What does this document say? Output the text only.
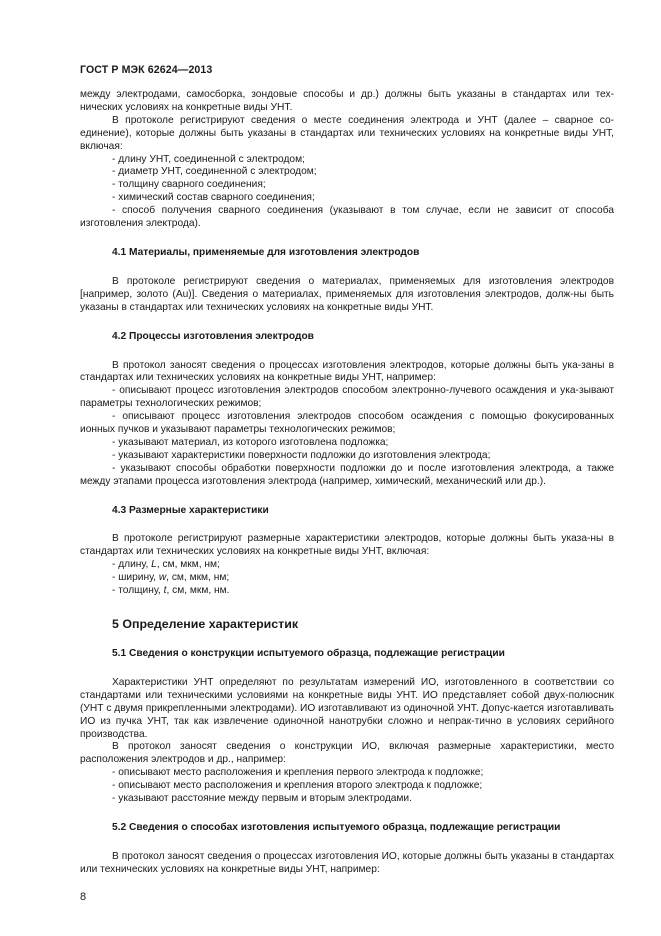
ГОСТ Р МЭК 62624—2013

между электродами, самосборка, зондовые способы и др.) должны быть указаны в стандартах или тех-нических условиях на конкретные виды УНТ.

В протоколе регистрируют сведения о месте соединения электрода и УНТ (далее – сварное со-единение), которые должны быть указаны в стандартах или технических условиях на конкретные виды УНТ, включая:

- длину УНТ, соединенной с электродом;

- диаметр УНТ, соединенной с электродом;

- толщину сварного соединения;

- химический состав сварного соединения;

- способ получения сварного соединения (указывают в том случае, если не зависит от способа изготовления электрода).

4.1 Материалы, применяемые для изготовления электродов

В протоколе регистрируют сведения о материалах, применяемых для изготовления электродов [например, золото (Au)]. Сведения о материалах, применяемых для изготовления электродов, долж-ны быть указаны в стандартах или технических условиях на конкретные виды УНТ.

4.2 Процессы изготовления электродов

В протокол заносят сведения о процессах изготовления электродов, которые должны быть ука-заны в стандартах или технических условиях на конкретные виды УНТ, например:

- описывают процесс изготовления электродов способом электронно-лучевого осаждения и ука-зывают параметры технологических режимов;

- описывают процесс изготовления электродов способом осаждения с помощью фокусированных ионных пучков и указывают параметры технологических режимов;

- указывают материал, из которого изготовлена подложка;

- указывают характеристики поверхности подложки до изготовления электрода;

- указывают способы обработки поверхности подложки до и после изготовления электрода, а также между этапами процесса изготовления электрода (например, химический, механический или др.).

4.3 Размерные характеристики

В протоколе регистрируют размерные характеристики электродов, которые должны быть указа-ны в стандартах или технических условиях на конкретные виды УНТ, включая:

- длину, L, см, мкм, нм;

- ширину, w, см, мкм, нм;

- толщину, t, см, мкм, нм.

5 Определение характеристик

5.1 Сведения о конструкции испытуемого образца, подлежащие регистрации

Характеристики УНТ определяют по результатам измерений ИО, изготовленного в соответствии со стандартами или техническими условиями на конкретные виды УНТ. ИО представляет собой двух-полюсник (УНТ с двумя прикрепленными электродами). ИО изготавливают из одиночной УНТ. Допус-кается изготавливать ИО из пучка УНТ, так как извлечение одиночной нанотрубки сложно и непрак-тично в условиях серийного производства.

В протокол заносят сведения о конструкции ИО, включая размерные характеристики, место расположения электродов и др., например:

- описывают место расположения и крепления первого электрода к подложке;

- описывают место расположения и крепления второго электрода к подложке;

- указывают расстояние между первым и вторым электродами.

5.2 Сведения о способах изготовления испытуемого образца, подлежащие регистрации

В протокол заносят сведения о процессах изготовления ИО, которые должны быть указаны в стандартах или технических условиях на конкретные виды УНТ, например:

8
